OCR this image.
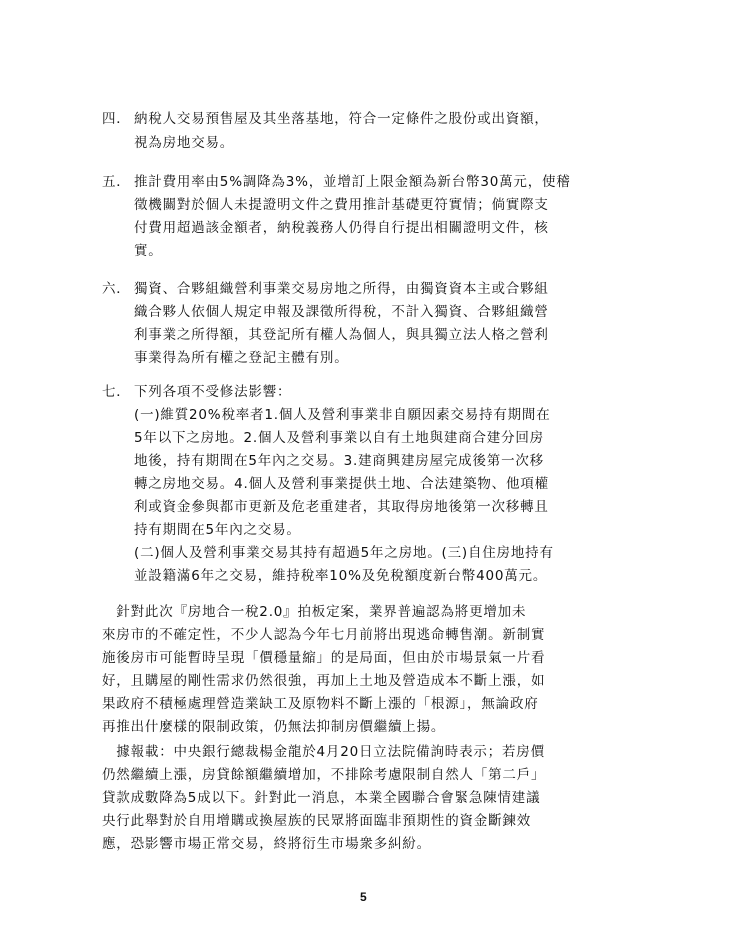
四． 納稅人交易預售屋及其坐落基地，符合一定條件之股份或出資額，
視為房地交易。
五． 推計費用率由5%調降為3%，並增訂上限金額為新台幣30萬元，使稽
徵機關對於個人未提證明文件之費用推計基礎更符實情；倘實際支
付費用超過該金額者，納稅義務人仍得自行提出相關證明文件，核
實。
六． 獨資、合夥組織營利事業交易房地之所得，由獨資資本主或合夥組
織合夥人依個人規定申報及課徵所得稅，不計入獨資、合夥組織營
利事業之所得額，其登記所有權人為個人，與具獨立法人格之營利
事業得為所有權之登記主體有別。
七． 下列各項不受修法影響：
(一)維質20%稅率者1.個人及營利事業非自願因素交易持有期間在
5年以下之房地。2.個人及營利事業以自有土地與建商合建分回房
地後，持有期間在5年內之交易。3.建商興建房屋完成後第一次移
轉之房地交易。4.個人及營利事業提供土地、合法建築物、他項權
利或資金參與都市更新及危老重建者，其取得房地後第一次移轉且
持有期間在5年內之交易。
(二)個人及營利事業交易其持有超過5年之房地。(三)自住房地持有
並設籍滿6年之交易，維持稅率10%及免稅額度新台幣400萬元。
　針對此次『房地合一稅2.0』拍板定案，業界普遍認為將更增加未
來房市的不確定性，不少人認為今年七月前將出現逃命轉售潮。新制實
施後房市可能暫時呈現「價穩量縮」的是局面，但由於市場景氣一片看
好，且購屋的剛性需求仍然很強，再加上土地及營造成本不斷上漲，如
果政府不積極處理營造業缺工及原物料不斷上漲的「根源」，無論政府
再推出什麼樣的限制政策，仍無法抑制房價繼續上揚。
　據報載：中央銀行總裁楊金龍於4月20日立法院備詢時表示；若房價
仍然繼續上漲，房貸餘額繼續增加，不排除考慮限制自然人「第二戶」
貸款成數降為5成以下。針對此一消息，本業全國聯合會緊急陳情建議
央行此舉對於自用增購或換屋族的民眾將面臨非預期性的資金斷鍊效
應，恐影響市場正常交易，終將衍生市場衆多糾紛。
5
